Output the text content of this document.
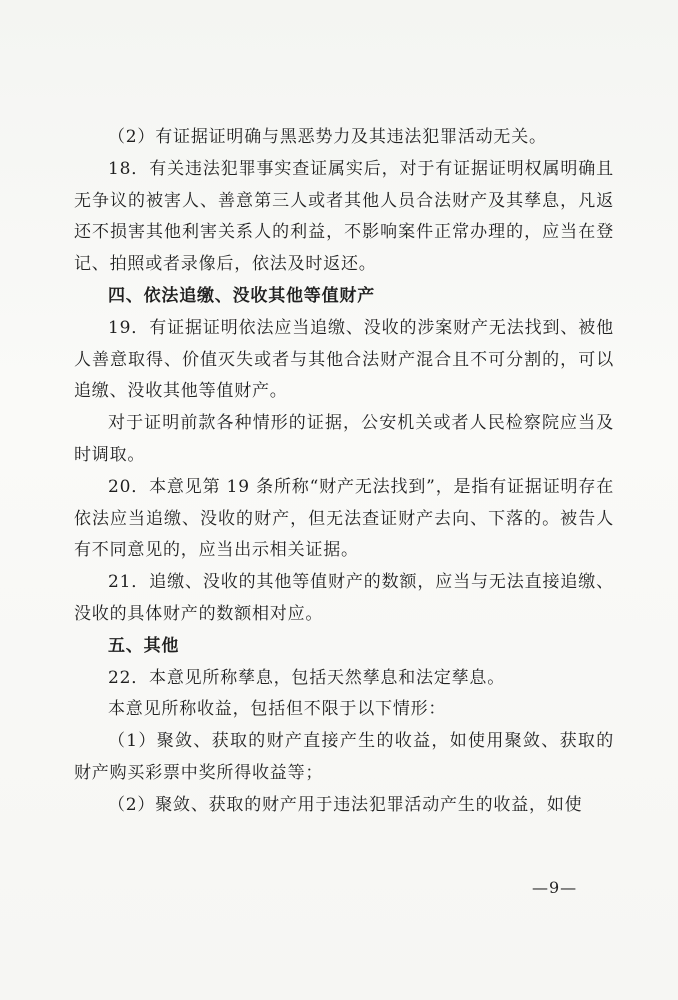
（2）有证据证明确与黑恶势力及其违法犯罪活动无关。

18．有关违法犯罪事实查证属实后，对于有证据证明权属明确且无争议的被害人、善意第三人或者其他人员合法财产及其孳息，凡返还不损害其他利害关系人的利益，不影响案件正常办理的，应当在登记、拍照或者录像后，依法及时返还。

四、依法追缴、没收其他等值财产

19．有证据证明依法应当追缴、没收的涉案财产无法找到、被他人善意取得、价值灭失或者与其他合法财产混合且不可分割的，可以追缴、没收其他等值财产。

对于证明前款各种情形的证据，公安机关或者人民检察院应当及时调取。

20．本意见第 19 条所称“财产无法找到”，是指有证据证明存在依法应当追缴、没收的财产，但无法查证财产去向、下落的。被告人有不同意见的，应当出示相关证据。

21．追缴、没收的其他等值财产的数额，应当与无法直接追缴、没收的具体财产的数额相对应。

五、其他

22．本意见所称孳息，包括天然孳息和法定孳息。

本意见所称收益，包括但不限于以下情形：

（1）聚敛、获取的财产直接产生的收益，如使用聚敛、获取的财产购买彩票中奖所得收益等；

（2）聚敛、获取的财产用于违法犯罪活动产生的收益，如使

—9—
